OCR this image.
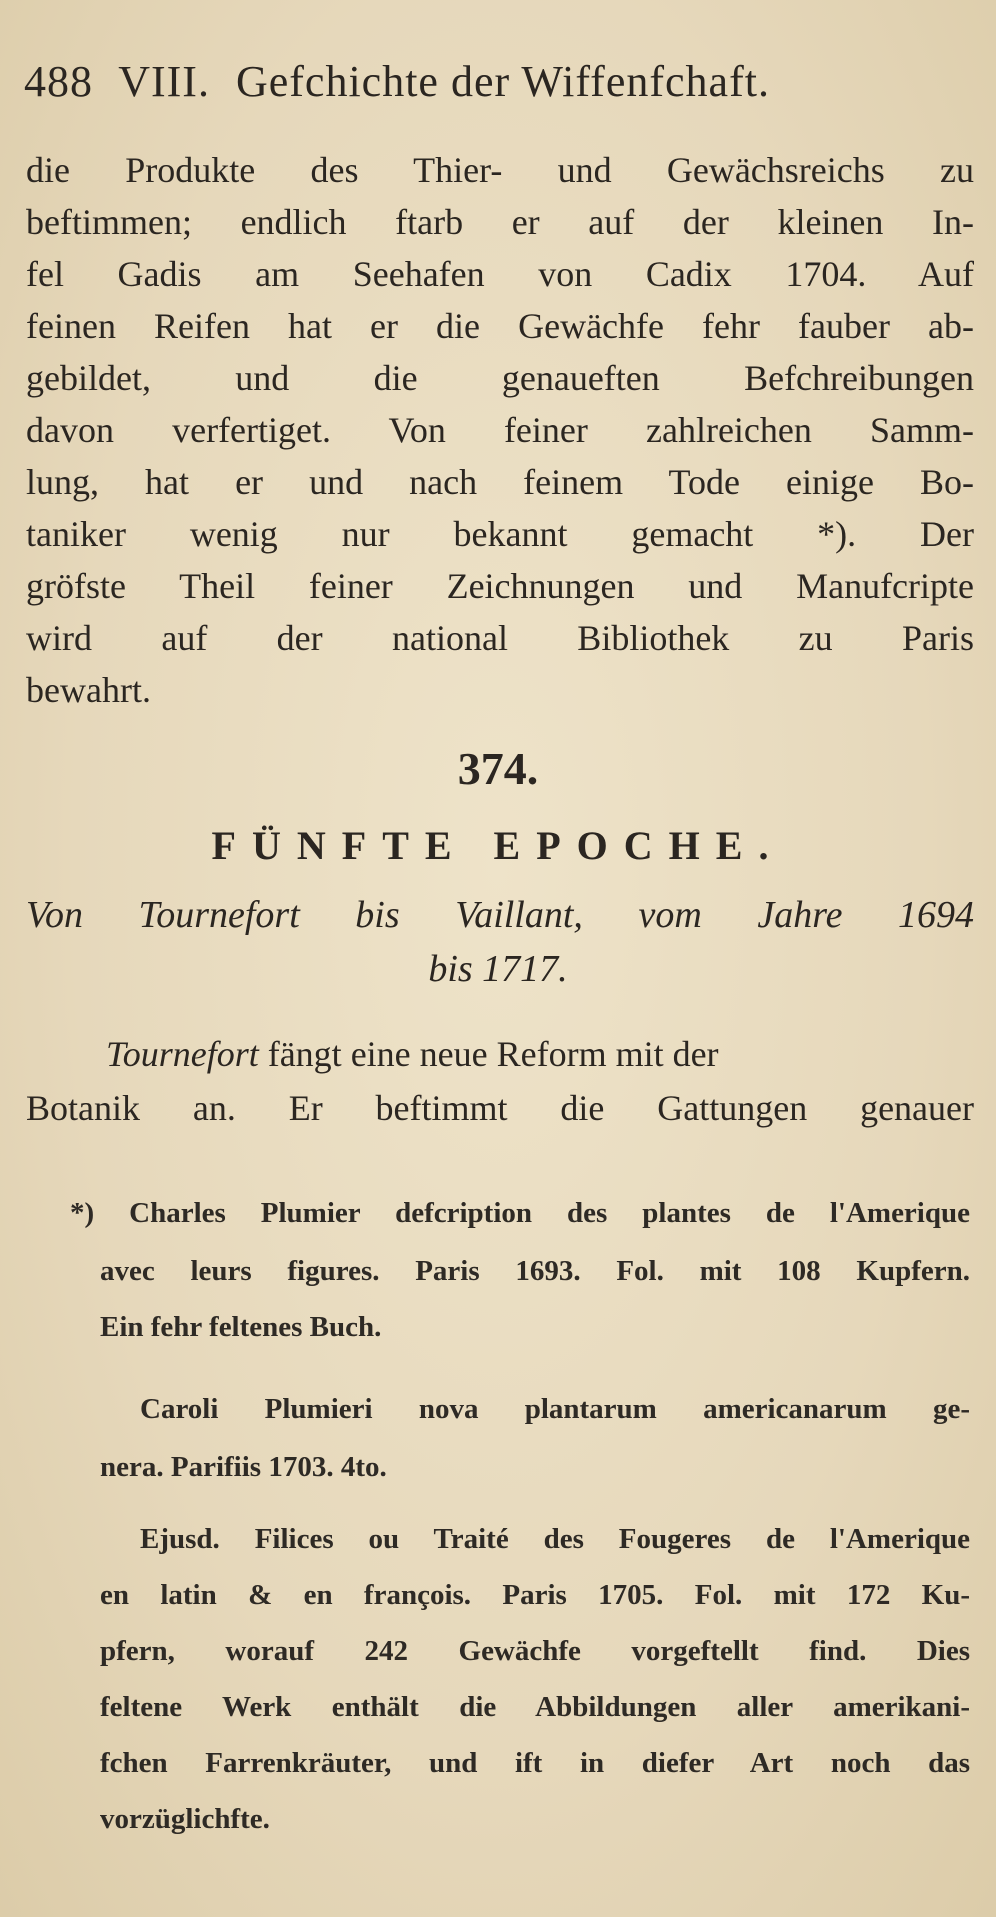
488 VIII. Gefchichte der Wiffenfchaft.
die Produkte des Thier- und Gewächsreichs zu
beftimmen; endlich ftarb er auf der kleinen In-
fel Gadis am Seehafen von Cadix 1704. Auf
feinen Reifen hat er die Gewächfe fehr fauber ab-
gebildet, und die genaueften Befchreibungen
davon verfertiget. Von feiner zahlreichen Samm-
lung, hat er und nach feinem Tode einige Bo-
taniker wenig nur bekannt gemacht *). Der
gröfste Theil feiner Zeichnungen und Manufcripte
wird auf der national Bibliothek zu Paris
bewahrt.
374.
FÜNFTE EPOCHE.
Von Tournefort bis Vaillant, vom Jahre 1694
bis 1717.
Tournefort fängt eine neue Reform mit der
Botanik an. Er beftimmt die Gattungen genauer
*) Charles Plumier defcription des plantes de l'Amerique
avec leurs figures. Paris 1693. Fol. mit 108 Kupfern.
Ein fehr feltenes Buch.
Caroli Plumieri nova plantarum americanarum ge-
nera. Parifiis 1703. 4to.
Ejusd. Filices ou Traité des Fougeres de l'Amerique
en latin & en françois. Paris 1705. Fol. mit 172 Ku-
pfern, worauf 242 Gewächfe vorgeftellt find. Dies
feltene Werk enthält die Abbildungen aller amerikani-
fchen Farrenkräuter, und ift in diefer Art noch das
vorzüglichfte.
